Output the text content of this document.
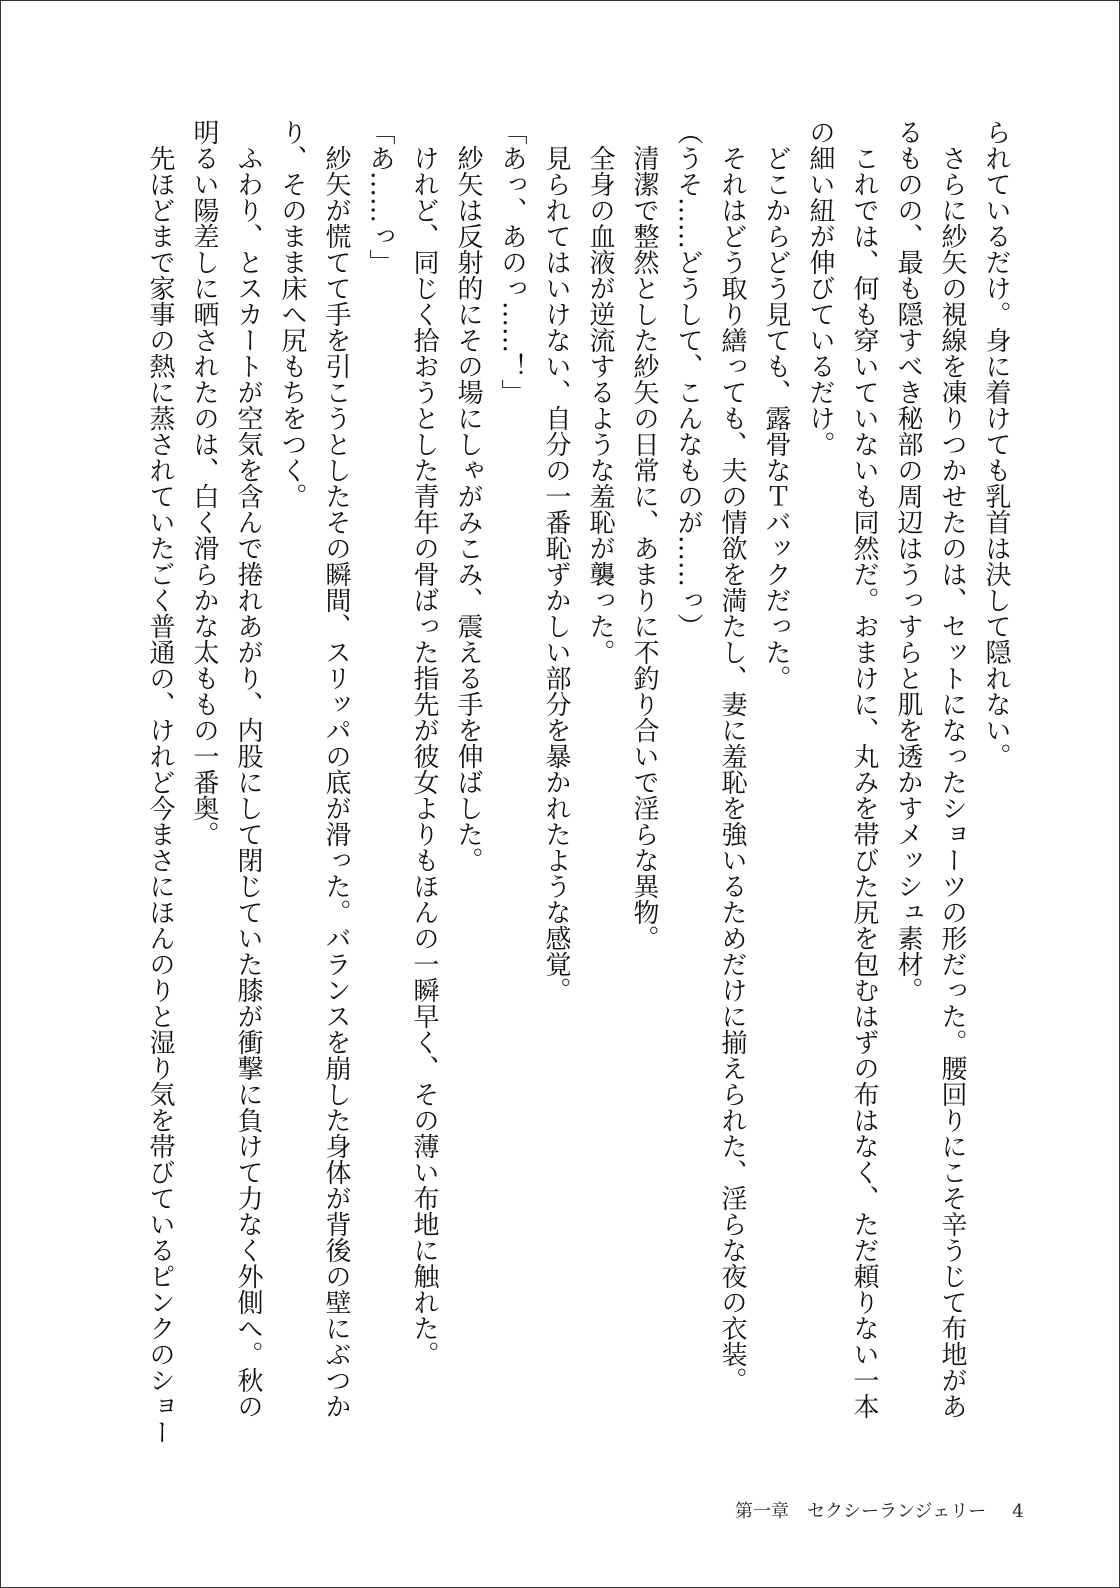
られているだけ。身に着けても乳首は決して隠れない。

　さらに紗矢の視線を凍りつかせたのは、セットになったショーツの形だった。腰回りにこそ辛うじて布地があ

るものの、最も隠すべき秘部の周辺はうっすらと肌を透かすメッシュ素材。

　これでは、何も穿いていないも同然だ。おまけに、丸みを帯びた尻を包むはずの布はなく、ただ頼りない一本

の細い紐が伸びているだけ。

　どこからどう見ても、露骨なＴバックだった。

　それはどう取り繕っても、夫の情欲を満たし、妻に羞恥を強いるためだけに揃えられた、淫らな夜の衣装。

（うそ……どうして、こんなものが……っ）

　清潔で整然とした紗矢の日常に、あまりに不釣り合いで淫らな異物。

　全身の血液が逆流するような羞恥が襲った。

　見られてはいけない、自分の一番恥ずかしい部分を暴かれたような感覚。

「あっ、あのっ……！」

　紗矢は反射的にその場にしゃがみこみ、震える手を伸ばした。

　けれど、同じく拾おうとした青年の骨ばった指先が彼女よりもほんの一瞬早く、その薄い布地に触れた。

「あ……っ」

　紗矢が慌てて手を引こうとしたその瞬間、スリッパの底が滑った。バランスを崩した身体が背後の壁にぶつか

り、そのまま床へ尻もちをつく。

　ふわり、とスカートが空気を含んで捲れあがり、内股にして閉じていた膝が衝撃に負けて力なく外側へ。秋の

明るい陽差しに晒されたのは、白く滑らかな太ももの一番奥。

　先ほどまで家事の熱に蒸されていたごく普通の、けれど今まさにほんのりと湿り気を帯びているピンクのショー

第一章　セクシーランジェリー 4
